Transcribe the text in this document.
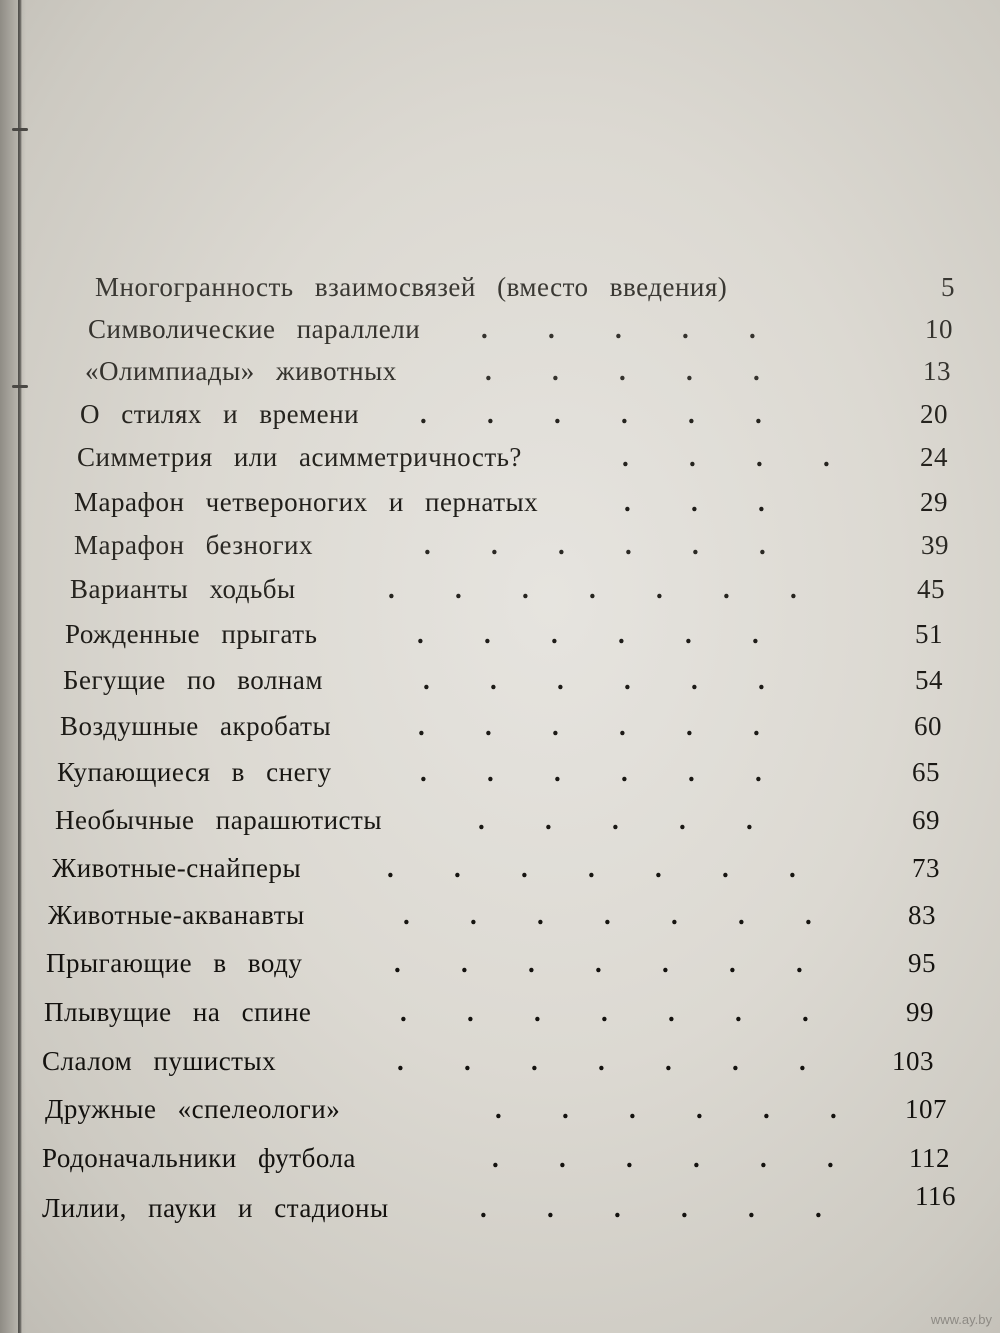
Многогранность взаимосвязей (вместо введения)	5
Символические параллели . . . . .	10
«Олимпиады» животных	. . . . .	13
О стилях и времени . . . . . .	20
Симметрия или асимметричность?	. . . .	24
Марафон четвероногих и пернатых	. . .	29
Марафон безногих	. . . . . .	39
Варианты ходьбы	. . . . . . .	45
Рожденные прыгать	. . . . . .	51
Бегущие по волнам	. . . . . .	54
Воздушные акробаты	. . . . . .	60
Купающиеся в снегу	. . . . . .	65
Необычные парашютисты	. . . . .	69
Животные-снайперы	. . . . . . .	73
Животные-акванавты	. . . . . . .	83
Прыгающие в воду	. . . . . . .	95
Плывущие на спине	. . . . . . .	99
Слалом пушистых	. . . . . . .	103
Дружные «спелеологи»	. . . . . .	107
Родоначальники футбола	. . . . . .	112
Лилии, пауки и стадионы	. . . . . .	116
www.ay.by
